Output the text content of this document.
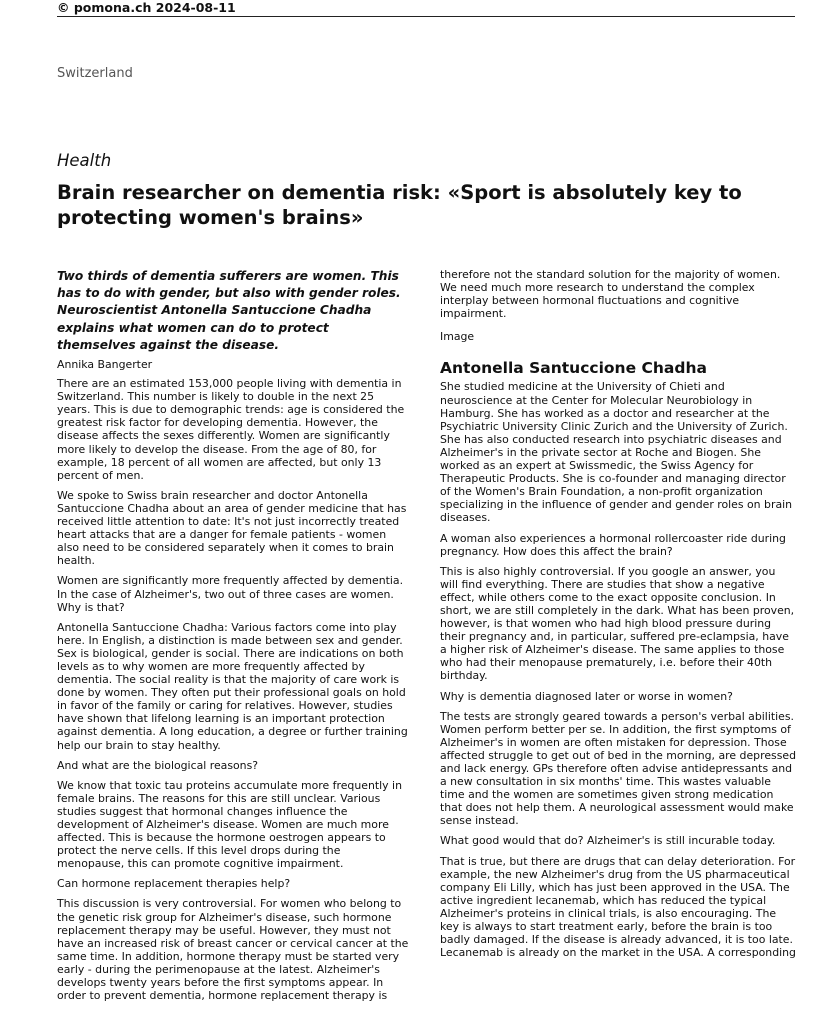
© pomona.ch 2024-08-11
Switzerland
Health
Brain researcher on dementia risk: «Sport is absolutely key to protecting women's brains»

Two thirds of dementia sufferers are women. This has to do with gender, but also with gender roles. Neuroscientist Antonella Santuccione Chadha explains what women can do to protect themselves against the disease.

Annika Bangerter

There are an estimated 153,000 people living with dementia in Switzerland. This number is likely to double in the next 25 years. This is due to demographic trends: age is considered the greatest risk factor for developing dementia. However, the disease affects the sexes differently. Women are significantly more likely to develop the disease. From the age of 80, for example, 18 percent of all women are affected, but only 13 percent of men.

We spoke to Swiss brain researcher and doctor Antonella Santuccione Chadha about an area of gender medicine that has received little attention to date: It's not just incorrectly treated heart attacks that are a danger for female patients - women also need to be considered separately when it comes to brain health.

Women are significantly more frequently affected by dementia. In the case of Alzheimer's, two out of three cases are women. Why is that?

Antonella Santuccione Chadha: Various factors come into play here. In English, a distinction is made between sex and gender. Sex is biological, gender is social. There are indications on both levels as to why women are more frequently affected by dementia. The social reality is that the majority of care work is done by women. They often put their professional goals on hold in favor of the family or caring for relatives. However, studies have shown that lifelong learning is an important protection against dementia. A long education, a degree or further training help our brain to stay healthy.

And what are the biological reasons?

We know that toxic tau proteins accumulate more frequently in female brains. The reasons for this are still unclear. Various studies suggest that hormonal changes influence the development of Alzheimer's disease. Women are much more affected. This is because the hormone oestrogen appears to protect the nerve cells. If this level drops during the menopause, this can promote cognitive impairment.

Can hormone replacement therapies help?

This discussion is very controversial. For women who belong to the genetic risk group for Alzheimer's disease, such hormone replacement therapy may be useful. However, they must not have an increased risk of breast cancer or cervical cancer at the same time. In addition, hormone therapy must be started very early - during the perimenopause at the latest. Alzheimer's develops twenty years before the first symptoms appear. In order to prevent dementia, hormone replacement therapy is

therefore not the standard solution for the majority of women. We need much more research to understand the complex interplay between hormonal fluctuations and cognitive impairment.

Image

Antonella Santuccione Chadha

She studied medicine at the University of Chieti and neuroscience at the Center for Molecular Neurobiology in Hamburg. She has worked as a doctor and researcher at the Psychiatric University Clinic Zurich and the University of Zurich. She has also conducted research into psychiatric diseases and Alzheimer's in the private sector at Roche and Biogen. She worked as an expert at Swissmedic, the Swiss Agency for Therapeutic Products. She is co-founder and managing director of the Women's Brain Foundation, a non-profit organization specializing in the influence of gender and gender roles on brain diseases.

A woman also experiences a hormonal rollercoaster ride during pregnancy. How does this affect the brain?

This is also highly controversial. If you google an answer, you will find everything. There are studies that show a negative effect, while others come to the exact opposite conclusion. In short, we are still completely in the dark. What has been proven, however, is that women who had high blood pressure during their pregnancy and, in particular, suffered pre-eclampsia, have a higher risk of Alzheimer's disease. The same applies to those who had their menopause prematurely, i.e. before their 40th birthday.

Why is dementia diagnosed later or worse in women?

The tests are strongly geared towards a person's verbal abilities. Women perform better per se. In addition, the first symptoms of Alzheimer's in women are often mistaken for depression. Those affected struggle to get out of bed in the morning, are depressed and lack energy. GPs therefore often advise antidepressants and a new consultation in six months' time. This wastes valuable time and the women are sometimes given strong medication that does not help them. A neurological assessment would make sense instead.

What good would that do? Alzheimer's is still incurable today.

That is true, but there are drugs that can delay deterioration. For example, the new Alzheimer's drug from the US pharmaceutical company Eli Lilly, which has just been approved in the USA. The active ingredient lecanemab, which has reduced the typical Alzheimer's proteins in clinical trials, is also encouraging. The key is always to start treatment early, before the brain is too badly damaged. If the disease is already advanced, it is too late. Lecanemab is already on the market in the USA. A corresponding
